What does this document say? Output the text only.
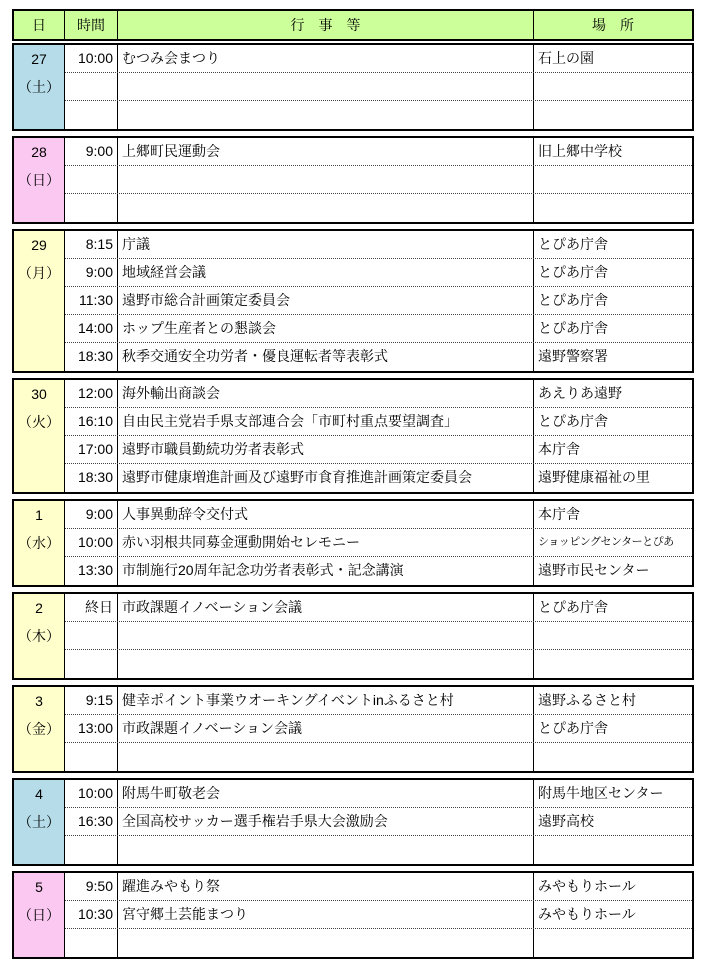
日	時間	行　事　等	場　所
27
（土）
10:00 むつみ会まつり	石上の園
28
（日）
9:00 上郷町民運動会	旧上郷中学校
29
（月）
8:15 庁議	とぴあ庁舎
9:00 地域経営会議	とぴあ庁舎
11:30 遠野市総合計画策定委員会	とぴあ庁舎
14:00 ホップ生産者との懇談会	とぴあ庁舎
18:30 秋季交通安全功労者・優良運転者等表彰式	遠野警察署
30
（火）
12:00 海外輸出商談会	あえりあ遠野
16:10 自由民主党岩手県支部連合会「市町村重点要望調査」	とぴあ庁舎
17:00 遠野市職員勤続功労者表彰式	本庁舎
18:30 遠野市健康増進計画及び遠野市食育推進計画策定委員会	遠野健康福祉の里
1
（水）
9:00 人事異動辞令交付式	本庁舎
10:00 赤い羽根共同募金運動開始セレモニー	ショッピングセンターとぴあ
13:30 市制施行20周年記念功労者表彰式・記念講演	遠野市民センター
2
（木）
終日 市政課題イノベーション会議	とぴあ庁舎
3
（金）
9:15 健幸ポイント事業ウオーキングイベントinふるさと村	遠野ふるさと村
13:00 市政課題イノベーション会議	とぴあ庁舎
4
（土）
10:00 附馬牛町敬老会	附馬牛地区センター
16:30 全国高校サッカー選手権岩手県大会激励会	遠野高校
5
（日）
9:50 躍進みやもり祭	みやもりホール
10:30 宮守郷土芸能まつり	みやもりホール
